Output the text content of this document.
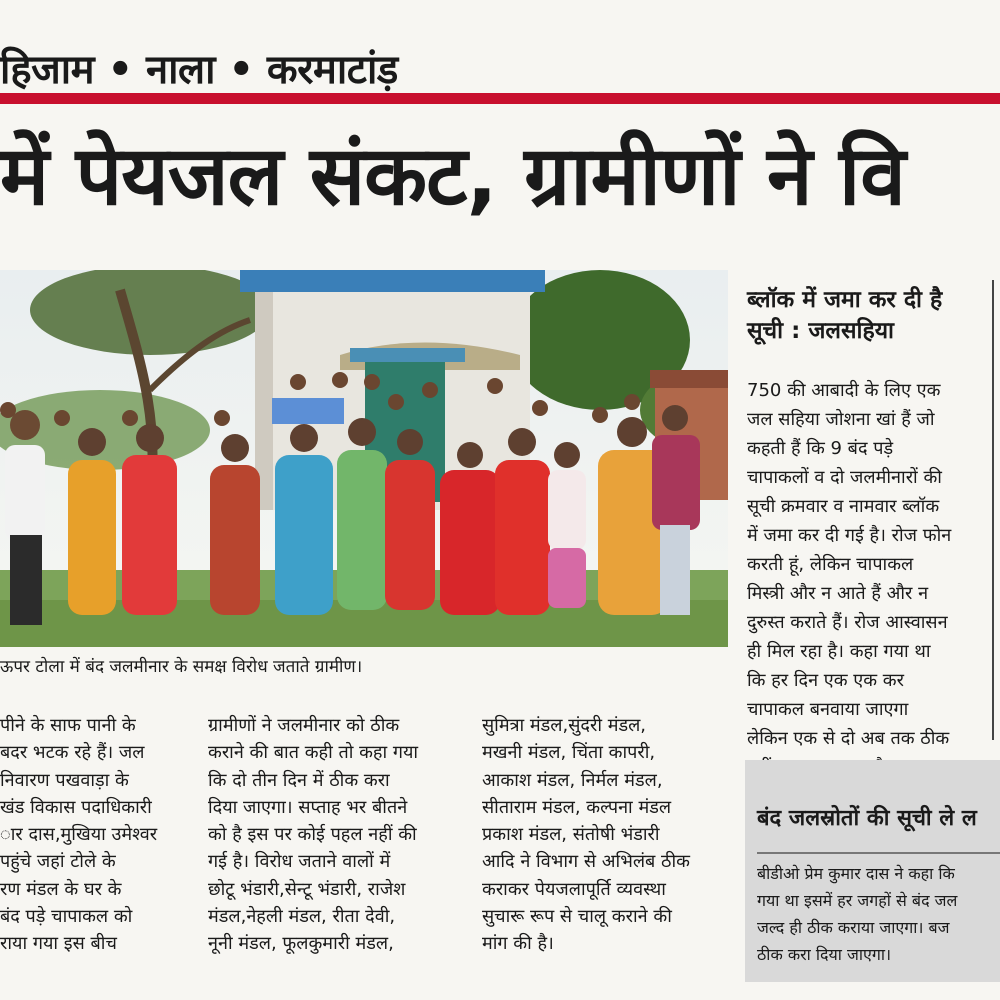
हिजाम • नाला • करमाटांड़
में पेयजल संकट, ग्रामीणों ने वि
ऊपर टोला में बंद जलमीनार के समक्ष विरोध जताते ग्रामीण।
पीने के साफ पानी के
बदर भटक रहे हैं। जल
निवारण पखवाड़ा के
खंड विकास पदाधिकारी
ार दास,मुखिया उमेश्वर
पहुंचे जहां टोले के
रण मंडल के घर के
बंद पड़े चापाकल को
राया गया इस बीच
ग्रामीणों ने जलमीनार को ठीक
कराने की बात कही तो कहा गया
कि दो तीन दिन में ठीक करा
दिया जाएगा। सप्ताह भर बीतने
को है इस पर कोई पहल नहीं की
गई है। विरोध जताने वालों में
छोटू भंडारी,सेन्टू भंडारी, राजेश
मंडल,नेहली मंडल, रीता देवी,
नूनी मंडल, फूलकुमारी मंडल,
सुमित्रा मंडल,सुंदरी मंडल,
मखनी मंडल, चिंता कापरी,
आकाश मंडल, निर्मल मंडल,
सीताराम मंडल, कल्पना मंडल
प्रकाश मंडल, संतोषी भंडारी
आदि ने विभाग से अभिलंब ठीक
कराकर पेयजलापूर्ति व्यवस्था
सुचारू रूप से चालू कराने की
मांग की है।
ब्लॉक में जमा कर दी है
सूची : जलसहिया
750 की आबादी के लिए एक
जल सहिया जोशना खां हैं जो
कहती हैं कि 9 बंद पड़े
चापाकलों व दो जलमीनारों की
सूची क्रमवार व नामवार ब्लॉक
में जमा कर दी गई है। रोज फोन
करती हूं, लेकिन चापाकल
मिस्त्री और न आते हैं और न
दुरुस्त कराते हैं। रोज आस्वासन
ही मिल रहा है। कहा गया था
कि हर दिन एक एक कर
चापाकल बनवाया जाएगा
लेकिन एक से दो अब तक ठीक
बंद जलस्रोतों की सूची ले ल
बीडीओ प्रेम कुमार दास ने कहा कि
गया था इसमें हर जगहों से बंद जल
जल्द ही ठीक कराया जाएगा। बज
ठीक करा दिया जाएगा।
